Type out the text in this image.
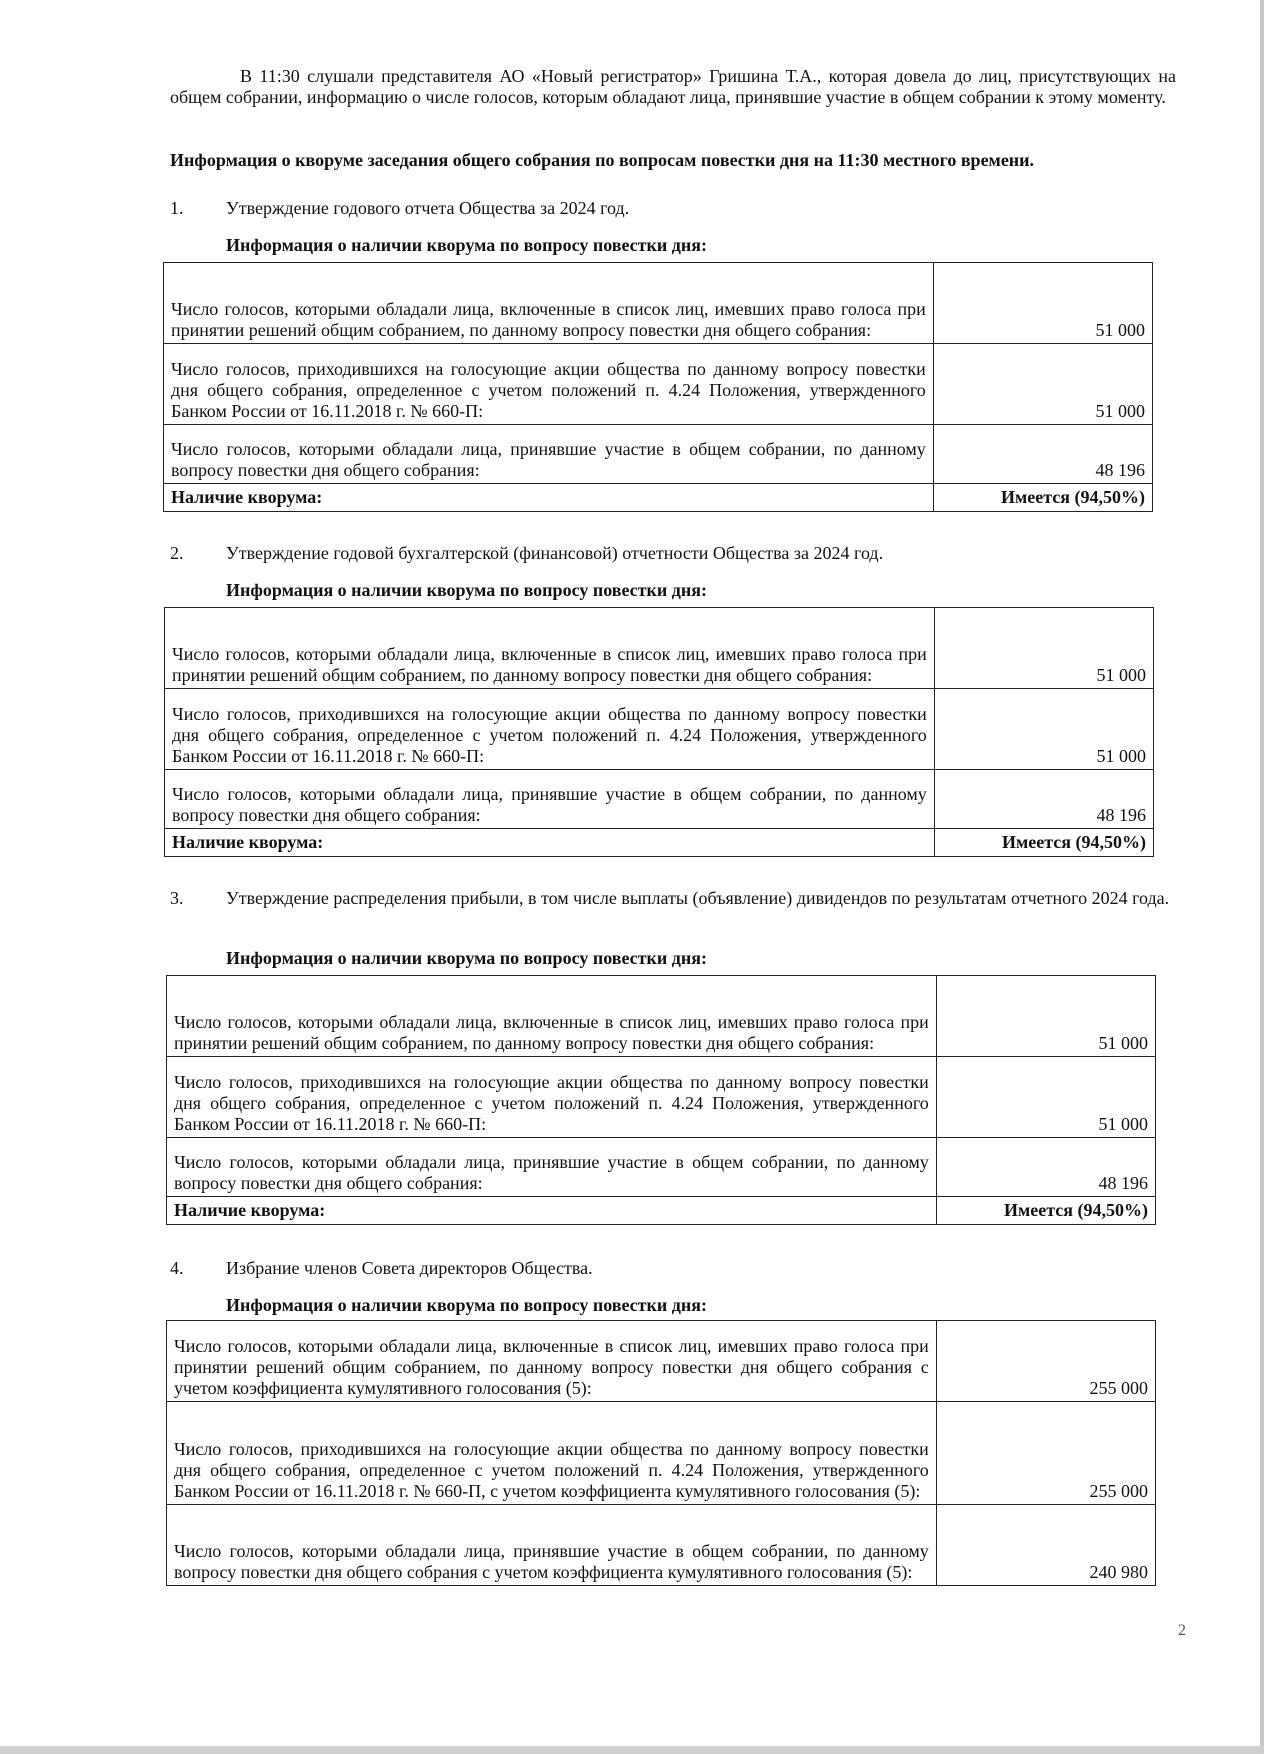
В 11:30 слушали представителя АО «Новый регистратор» Гришина Т.А., которая довела до лиц, присутствующих на общем собрании, информацию о числе голосов, которым обладают лица, принявшие участие в общем собрании к этому моменту.
Информация о кворуме заседания общего собрания по вопросам повестки дня на 11:30 местного времени.
1.	Утверждение годового отчета Общества за 2024 год.
Информация о наличии кворума по вопросу повестки дня:
Число голосов, которыми обладали лица, включенные в список лиц, имевших право голоса при принятии решений общим собранием, по данному вопросу повестки дня общего собрания:	51 000
Число голосов, приходившихся на голосующие акции общества по данному вопросу повестки дня общего собрания, определенное с учетом положений п. 4.24 Положения, утвержденного Банком России от 16.11.2018 г. № 660-П:	51 000
Число голосов, которыми обладали лица, принявшие участие в общем собрании, по данному вопросу повестки дня общего собрания:	48 196
Наличие кворума:	Имеется (94,50%)
2.	Утверждение годовой бухгалтерской (финансовой) отчетности Общества за 2024 год.
Информация о наличии кворума по вопросу повестки дня:
Число голосов, которыми обладали лица, включенные в список лиц, имевших право голоса при принятии решений общим собранием, по данному вопросу повестки дня общего собрания:	51 000
Число голосов, приходившихся на голосующие акции общества по данному вопросу повестки дня общего собрания, определенное с учетом положений п. 4.24 Положения, утвержденного Банком России от 16.11.2018 г. № 660-П:	51 000
Число голосов, которыми обладали лица, принявшие участие в общем собрании, по данному вопросу повестки дня общего собрания:	48 196
Наличие кворума:	Имеется (94,50%)
3.	Утверждение распределения прибыли, в том числе выплаты (объявление) дивидендов по результатам отчетного 2024 года.
Информация о наличии кворума по вопросу повестки дня:
Число голосов, которыми обладали лица, включенные в список лиц, имевших право голоса при принятии решений общим собранием, по данному вопросу повестки дня общего собрания:	51 000
Число голосов, приходившихся на голосующие акции общества по данному вопросу повестки дня общего собрания, определенное с учетом положений п. 4.24 Положения, утвержденного Банком России от 16.11.2018 г. № 660-П:	51 000
Число голосов, которыми обладали лица, принявшие участие в общем собрании, по данному вопросу повестки дня общего собрания:	48 196
Наличие кворума:	Имеется (94,50%)
4.	Избрание членов Совета директоров Общества.
Информация о наличии кворума по вопросу повестки дня:
Число голосов, которыми обладали лица, включенные в список лиц, имевших право голоса при принятии решений общим собранием, по данному вопросу повестки дня общего собрания с учетом коэффициента кумулятивного голосования (5):	255 000
Число голосов, приходившихся на голосующие акции общества по данному вопросу повестки дня общего собрания, определенное с учетом положений п. 4.24 Положения, утвержденного Банком России от 16.11.2018 г. № 660-П, с учетом коэффициента кумулятивного голосования (5):	255 000
Число голосов, которыми обладали лица, принявшие участие в общем собрании, по данному вопросу повестки дня общего собрания с учетом коэффициента кумулятивного голосования (5):	240 980
2
